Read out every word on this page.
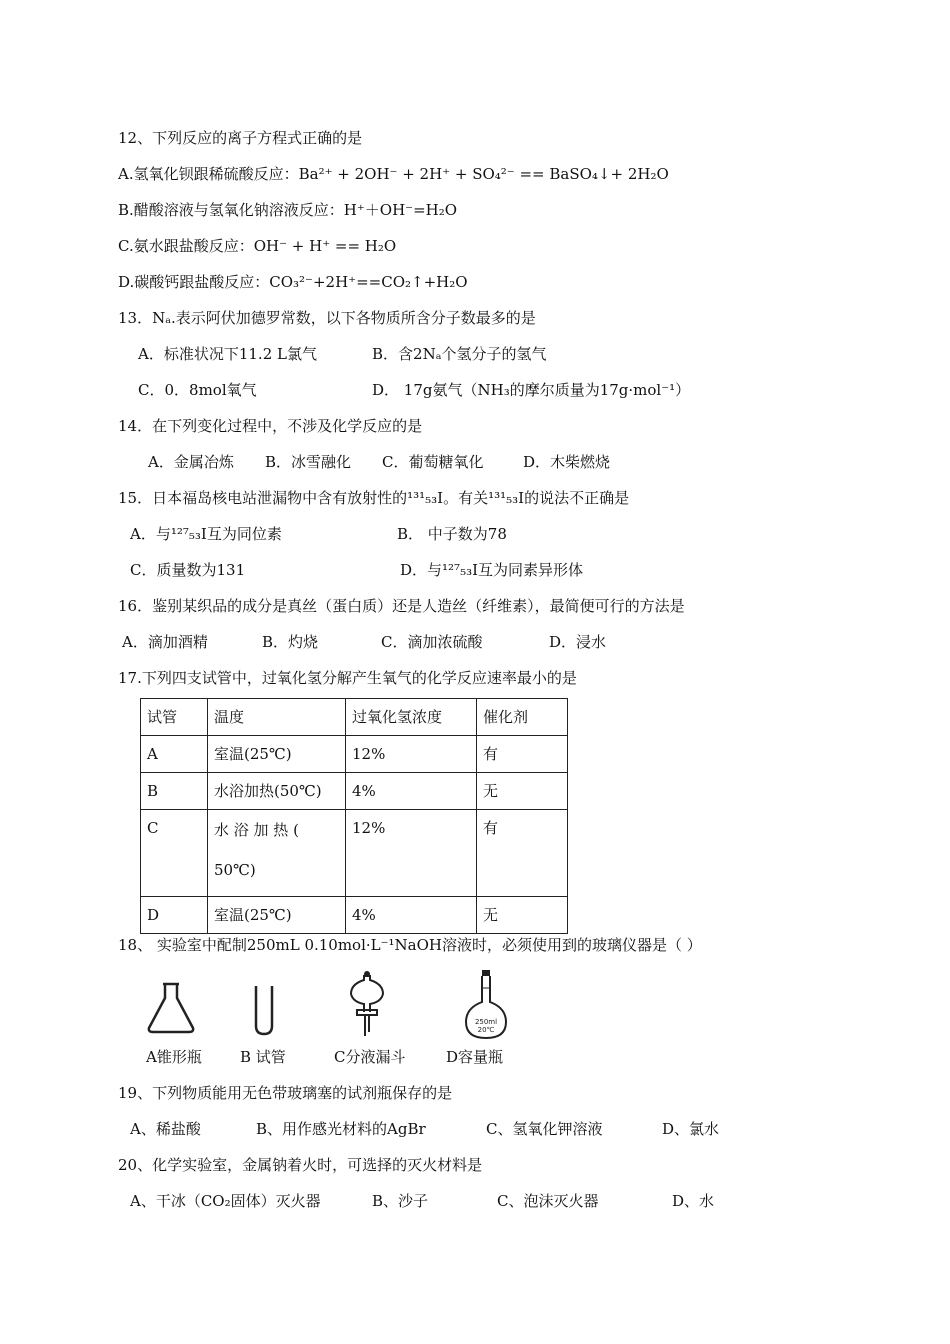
12、下列反应的离子方程式正确的是
A.氢氧化钡跟稀硫酸反应：Ba²⁺ + 2OH⁻ + 2H⁺ + SO₄²⁻ == BaSO₄↓+ 2H₂O
B.醋酸溶液与氢氧化钠溶液反应：H⁺＋OH⁻=H₂O
C.氨水跟盐酸反应：OH⁻ + H⁺ == H₂O
D.碳酸钙跟盐酸反应：CO₃²⁻+2H⁺==CO₂↑+H₂O
13．Nₐ.表示阿伏加德罗常数，以下各物质所含分子数最多的是
A．标准状况下11.2 L氯气	B．含2Nₐ个氢分子的氢气
C．0．8mol氧气	D． 17g氨气（NH₃的摩尔质量为17g·mol⁻¹）
14．在下列变化过程中，不涉及化学反应的是
A．金属冶炼 B．冰雪融化 C．葡萄糖氧化	D．木柴燃烧
15．日本福岛核电站泄漏物中含有放射性的¹³¹₅₃I。有关¹³¹₅₃I的说法不正确是
A．与¹²⁷₅₃I互为同位素	B． 中子数为78
C．质量数为131	D．与¹²⁷₅₃I互为同素异形体
16．鉴别某织品的成分是真丝（蛋白质）还是人造丝（纤维素），最简便可行的方法是
A．滴加酒精	B．灼烧	C．滴加浓硫酸	D．浸水
17.下列四支试管中，过氧化氢分解产生氧气的化学反应速率最小的是
试管	温度	过氧化氢浓度	催化剂
A	室温(25℃)	12%	有
B	水浴加热(50℃)	4%	无
C	水 浴 加 热 ( 50℃)	12%	有
D	室温(25℃)	4%	无
18、 实验室中配制250mL 0.10mol·L⁻¹NaOH溶液时，必须使用到的玻璃仪器是（ ）
250ml
20℃
A锥形瓶	B 试管	C分液漏斗	D容量瓶
19、下列物质能用无色带玻璃塞的试剂瓶保存的是
A、稀盐酸	B、用作感光材料的AgBr	C、氢氧化钾溶液	D、氯水
20、化学实验室，金属钠着火时，可选择的灭火材料是
A、干冰（CO₂固体）灭火器	B、沙子	C、泡沫灭火器	D、水
